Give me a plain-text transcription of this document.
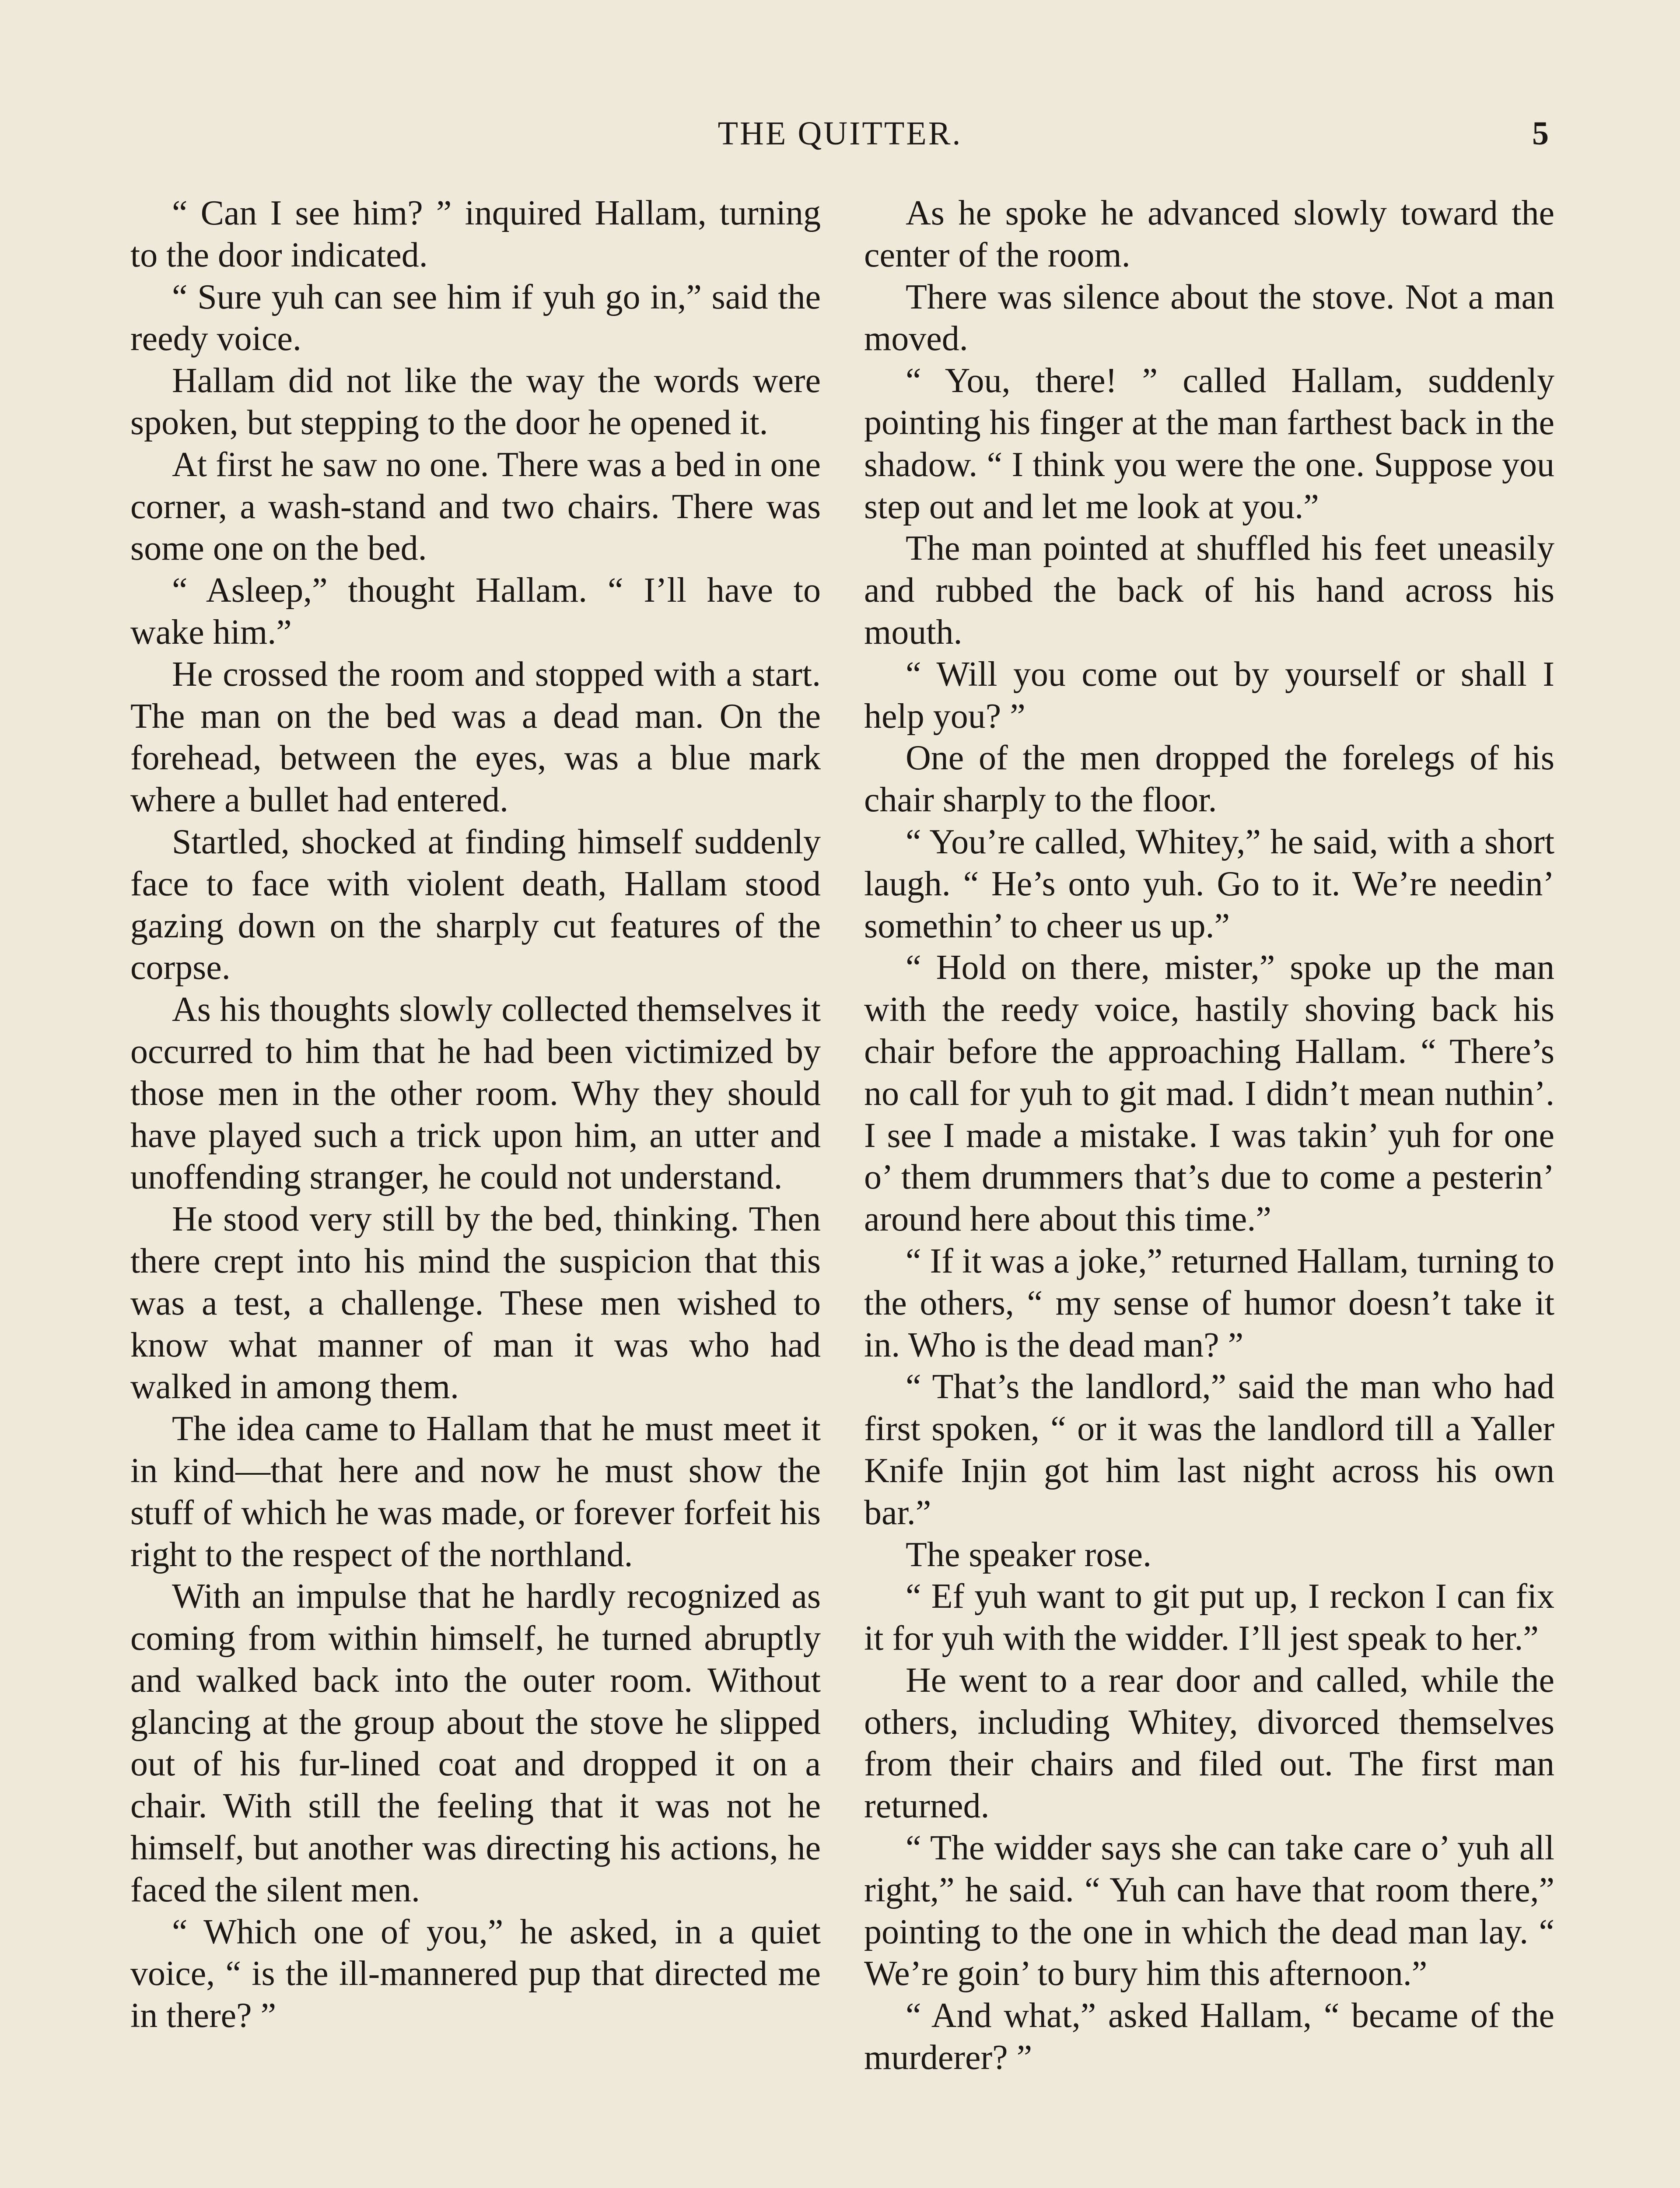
THE QUITTER.	5

“ Can I see him? ” inquired Hallam, turning to the door indicated.

“ Sure yuh can see him if yuh go in,” said the reedy voice.

Hallam did not like the way the words were spoken, but stepping to the door he opened it.

At first he saw no one. There was a bed in one corner, a wash-stand and two chairs. There was some one on the bed.

“ Asleep,” thought Hallam. “ I’ll have to wake him.”

He crossed the room and stopped with a start. The man on the bed was a dead man. On the forehead, between the eyes, was a blue mark where a bullet had entered.

Startled, shocked at finding himself suddenly face to face with violent death, Hallam stood gazing down on the sharply cut features of the corpse.

As his thoughts slowly collected themselves it occurred to him that he had been victimized by those men in the other room. Why they should have played such a trick upon him, an utter and unoffending stranger, he could not understand.

He stood very still by the bed, thinking. Then there crept into his mind the suspicion that this was a test, a challenge. These men wished to know what manner of man it was who had walked in among them.

The idea came to Hallam that he must meet it in kind—that here and now he must show the stuff of which he was made, or forever forfeit his right to the respect of the northland.

With an impulse that he hardly recognized as coming from within himself, he turned abruptly and walked back into the outer room. Without glancing at the group about the stove he slipped out of his fur-lined coat and dropped it on a chair. With still the feeling that it was not he himself, but another was directing his actions, he faced the silent men.

“ Which one of you,” he asked, in a quiet voice, “ is the ill-mannered pup that directed me in there? ”

As he spoke he advanced slowly toward the center of the room.

There was silence about the stove. Not a man moved.

“ You, there! ” called Hallam, suddenly pointing his finger at the man farthest back in the shadow. “ I think you were the one. Suppose you step out and let me look at you.”

The man pointed at shuffled his feet uneasily and rubbed the back of his hand across his mouth.

“ Will you come out by yourself or shall I help you? ”

One of the men dropped the forelegs of his chair sharply to the floor.

“ You’re called, Whitey,” he said, with a short laugh. “ He’s onto yuh. Go to it. We’re needin’ somethin’ to cheer us up.”

“ Hold on there, mister,” spoke up the man with the reedy voice, hastily shoving back his chair before the approaching Hallam. “ There’s no call for yuh to git mad. I didn’t mean nuthin’. I see I made a mistake. I was takin’ yuh for one o’ them drummers that’s due to come a pesterin’ around here about this time.”

“ If it was a joke,” returned Hallam, turning to the others, “ my sense of humor doesn’t take it in. Who is the dead man? ”

“ That’s the landlord,” said the man who had first spoken, “ or it was the landlord till a Yaller Knife Injin got him last night across his own bar.”

The speaker rose.

“ Ef yuh want to git put up, I reckon I can fix it for yuh with the widder. I’ll jest speak to her.”

He went to a rear door and called, while the others, including Whitey, divorced themselves from their chairs and filed out. The first man returned.

“ The widder says she can take care o’ yuh all right,” he said. “ Yuh can have that room there,” pointing to the one in which the dead man lay. “ We’re goin’ to bury him this afternoon.”

“ And what,” asked Hallam, “ became of the murderer? ”
